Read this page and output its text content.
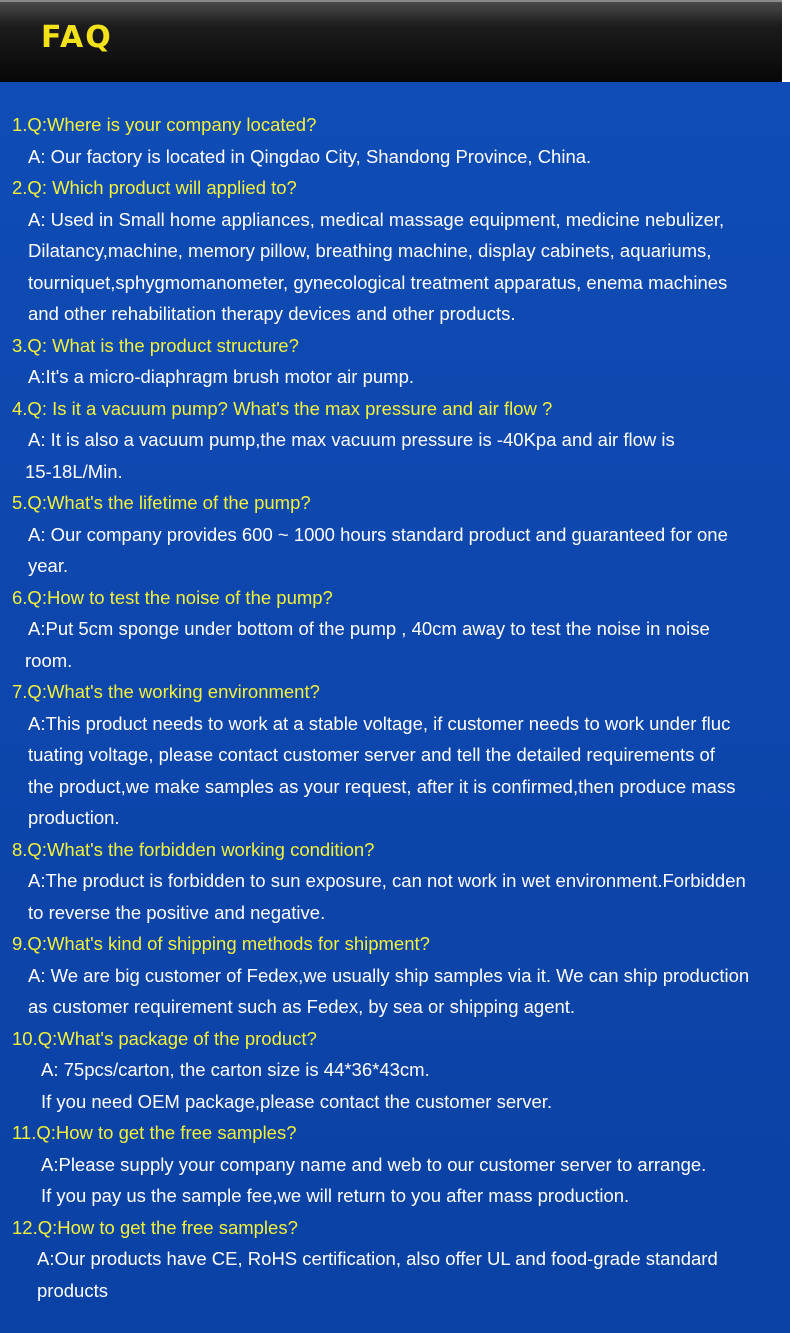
FAQ
1.Q:Where is your company located?
A: Our factory is located in Qingdao City, Shandong Province, China.
2.Q: Which product will applied to?
A: Used in Small home appliances, medical massage equipment, medicine nebulizer,
Dilatancy,machine, memory pillow, breathing machine, display cabinets, aquariums,
tourniquet,sphygmomanometer, gynecological treatment apparatus, enema machines
and other rehabilitation therapy devices and other products.
3.Q: What is the product structure?
A:It's a micro-diaphragm brush motor air pump.
4.Q: Is it a vacuum pump? What's the max pressure and air flow ?
A: It is also a vacuum pump,the max vacuum pressure is -40Kpa and air flow is
15-18L/Min.
5.Q:What's the lifetime of the pump?
A: Our company provides 600 ~ 1000 hours standard product and guaranteed for one
year.
6.Q:How to test the noise of the pump?
A:Put 5cm sponge under bottom of the pump , 40cm away to test the noise in noise
room.
7.Q:What's the working environment?
A:This product needs to work at a stable voltage, if customer needs to work under fluc
tuating voltage, please contact customer server and tell the detailed requirements of
the product,we make samples as your request, after it is confirmed,then produce mass
production.
8.Q:What's the forbidden working condition?
A:The product is forbidden to sun exposure, can not work in wet environment.Forbidden
to reverse the positive and negative.
9.Q:What's kind of shipping methods for shipment?
A: We are big customer of Fedex,we usually ship samples via it. We can ship production
as customer requirement such as Fedex, by sea or shipping agent.
10.Q:What's package of the product?
A: 75pcs/carton, the carton size is 44*36*43cm.
If you need OEM package,please contact the customer server.
11.Q:How to get the free samples?
A:Please supply your company name and web to our customer server to arrange.
If you pay us the sample fee,we will return to you after mass production.
12.Q:How to get the free samples?
A:Our products have CE, RoHS certification, also offer UL and food-grade standard
products
